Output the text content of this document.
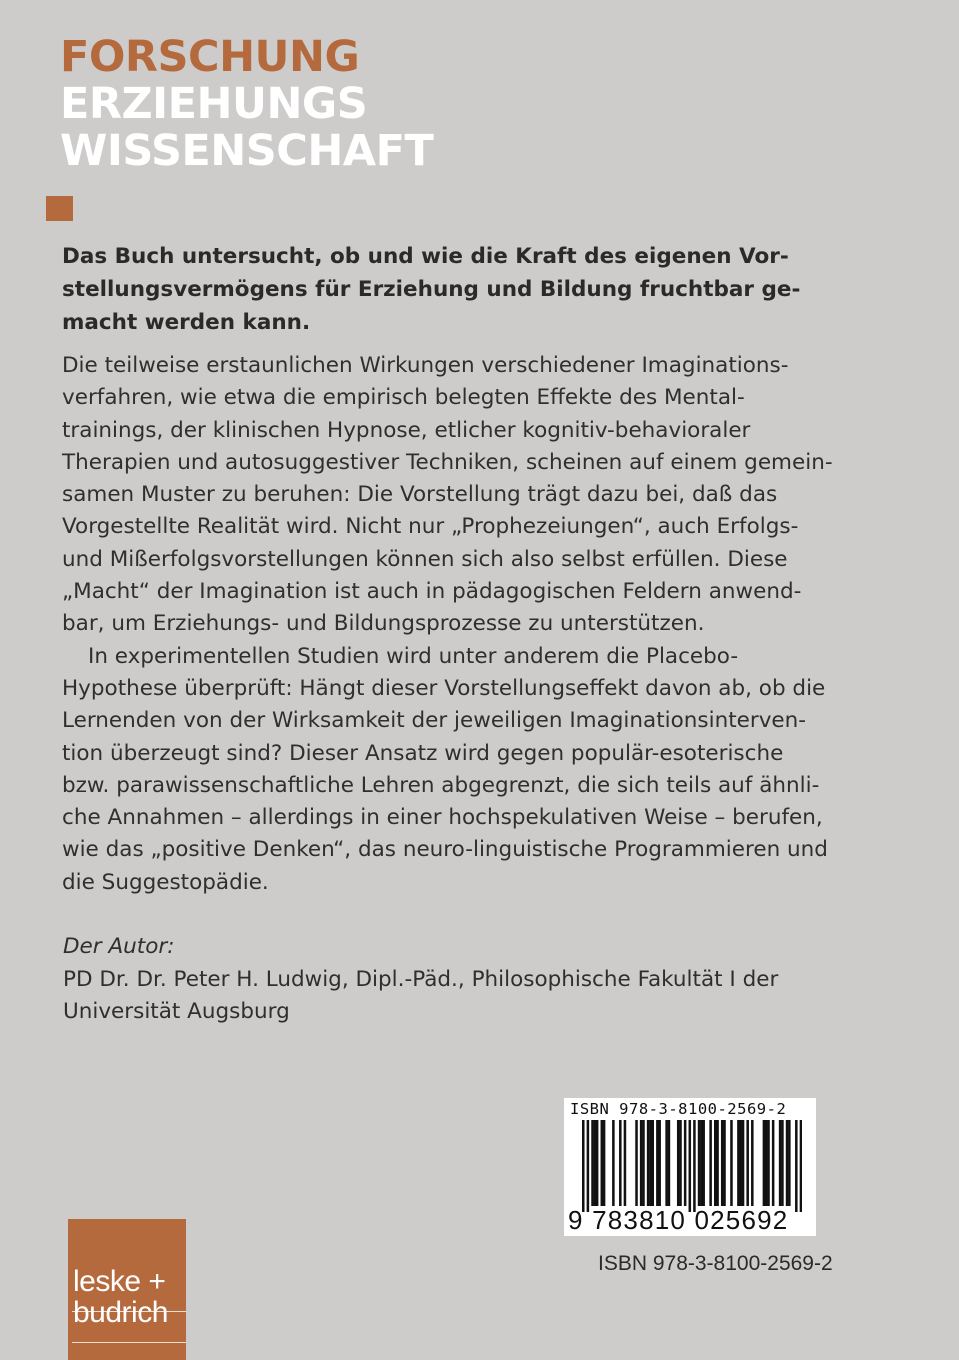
FORSCHUNG
ERZIEHUNGS
WISSENSCHAFT
Das Buch untersucht, ob und wie die Kraft des eigenen Vor-
stellungsvermögens für Erziehung und Bildung fruchtbar ge-
macht werden kann.
Die teilweise erstaunlichen Wirkungen verschiedener Imaginations-
verfahren, wie etwa die empirisch belegten Effekte des Mental-
trainings, der klinischen Hypnose, etlicher kognitiv-behavioraler
Therapien und autosuggestiver Techniken, scheinen auf einem gemein-
samen Muster zu beruhen: Die Vorstellung trägt dazu bei, daß das
Vorgestellte Realität wird. Nicht nur „Prophezeiungen“, auch Erfolgs-
und Mißerfolgsvorstellungen können sich also selbst erfüllen. Diese
„Macht“ der Imagination ist auch in pädagogischen Feldern anwend-
bar, um Erziehungs- und Bildungsprozesse zu unterstützen.
In experimentellen Studien wird unter anderem die Placebo-
Hypothese überprüft: Hängt dieser Vorstellungseffekt davon ab, ob die
Lernenden von der Wirksamkeit der jeweiligen Imaginationsinterven-
tion überzeugt sind? Dieser Ansatz wird gegen populär-esoterische
bzw. parawissenschaftliche Lehren abgegrenzt, die sich teils auf ähnli-
che Annahmen – allerdings in einer hochspekulativen Weise – berufen,
wie das „positive Denken“, das neuro-linguistische Programmieren und
die Suggestopädie.
Der Autor:
PD Dr. Dr. Peter H. Ludwig, Dipl.-Päd., Philosophische Fakultät I der
Universität Augsburg
ISBN 978-3-8100-2569-2
9 783810 025692
ISBN 978-3-8100-2569-2
leske +
budrich
